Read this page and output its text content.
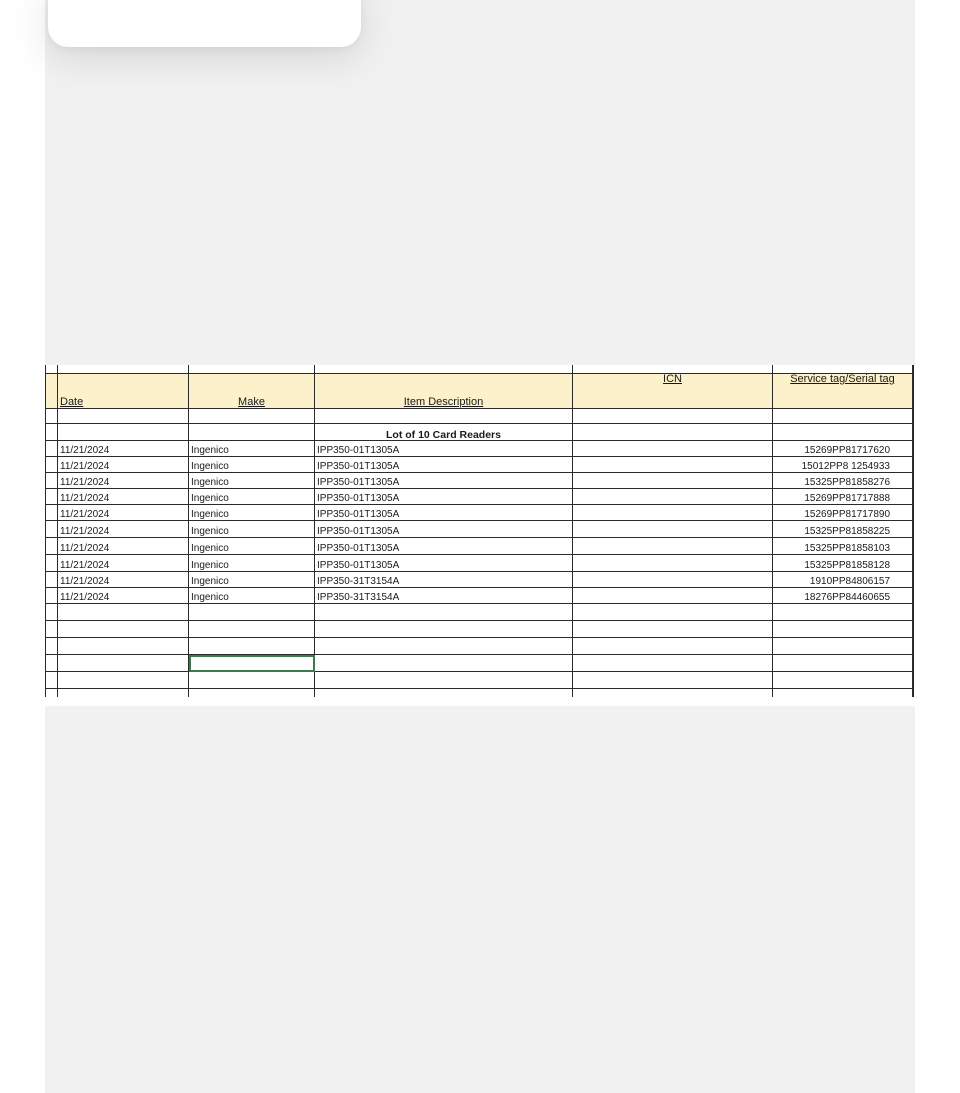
	Date	Make	Item Description	ICN	Service tag/Serial tag	

			Lot of 10 Card Readers			
	11/21/2024	Ingenico	IPP350-01T1305A		15269PP81717620	
	11/21/2024	Ingenico	IPP350-01T1305A		15012PP8 1254933	
	11/21/2024	Ingenico	IPP350-01T1305A		15325PP81858276	
	11/21/2024	Ingenico	IPP350-01T1305A		15269PP81717888	
	11/21/2024	Ingenico	IPP350-01T1305A		15269PP81717890	
	11/21/2024	Ingenico	IPP350-01T1305A		15325PP81858225	
	11/21/2024	Ingenico	IPP350-01T1305A		15325PP81858103	
	11/21/2024	Ingenico	IPP350-01T1305A		15325PP81858128	
	11/21/2024	Ingenico	IPP350-31T3154A		1910PP84806157	
	11/21/2024	Ingenico	IPP350-31T3154A		18276PP84460655	
